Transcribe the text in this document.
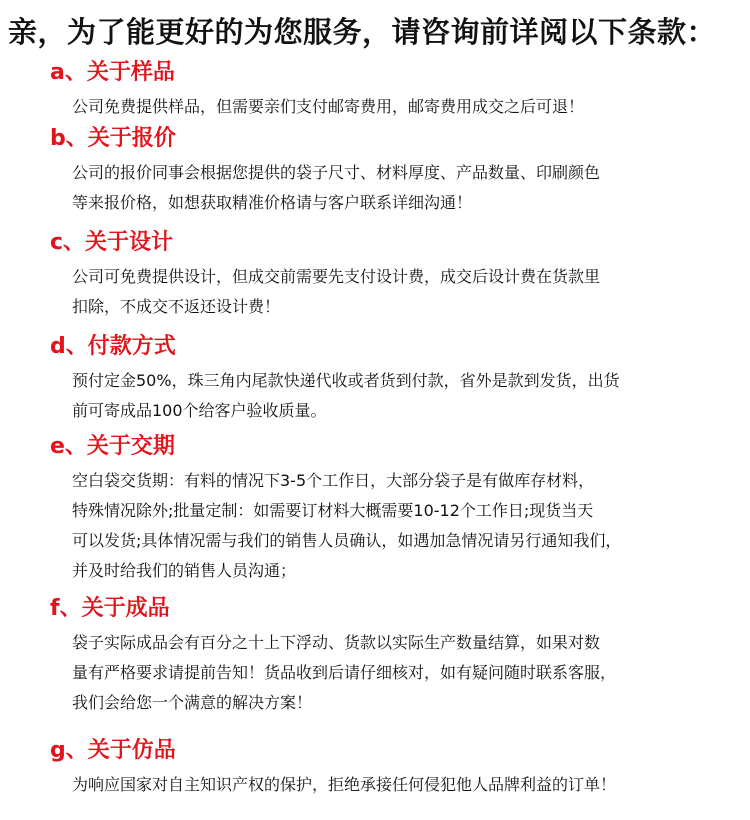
亲，为了能更好的为您服务，请咨询前详阅以下条款：
a、关于样品
公司免费提供样品，但需要亲们支付邮寄费用，邮寄费用成交之后可退！
b、关于报价
公司的报价同事会根据您提供的袋子尺寸、材料厚度、产品数量、印刷颜色
等来报价格，如想获取精准价格请与客户联系详细沟通！
c、关于设计
公司可免费提供设计，但成交前需要先支付设计费，成交后设计费在货款里
扣除，不成交不返还设计费！
d、付款方式
预付定金50%，珠三角内尾款快递代收或者货到付款，省外是款到发货，出货
前可寄成品100个给客户验收质量。
e、关于交期
空白袋交货期：有料的情况下3-5个工作日，大部分袋子是有做库存材料，
特殊情况除外;批量定制：如需要订材料大概需要10-12个工作日;现货当天
可以发货;具体情况需与我们的销售人员确认，如遇加急情况请另行通知我们，
并及时给我们的销售人员沟通；
f、关于成品
袋子实际成品会有百分之十上下浮动、货款以实际生产数量结算，如果对数
量有严格要求请提前告知！货品收到后请仔细核对，如有疑问随时联系客服，
我们会给您一个满意的解决方案！
g、关于仿品
为响应国家对自主知识产权的保护，拒绝承接任何侵犯他人品牌利益的订单！
